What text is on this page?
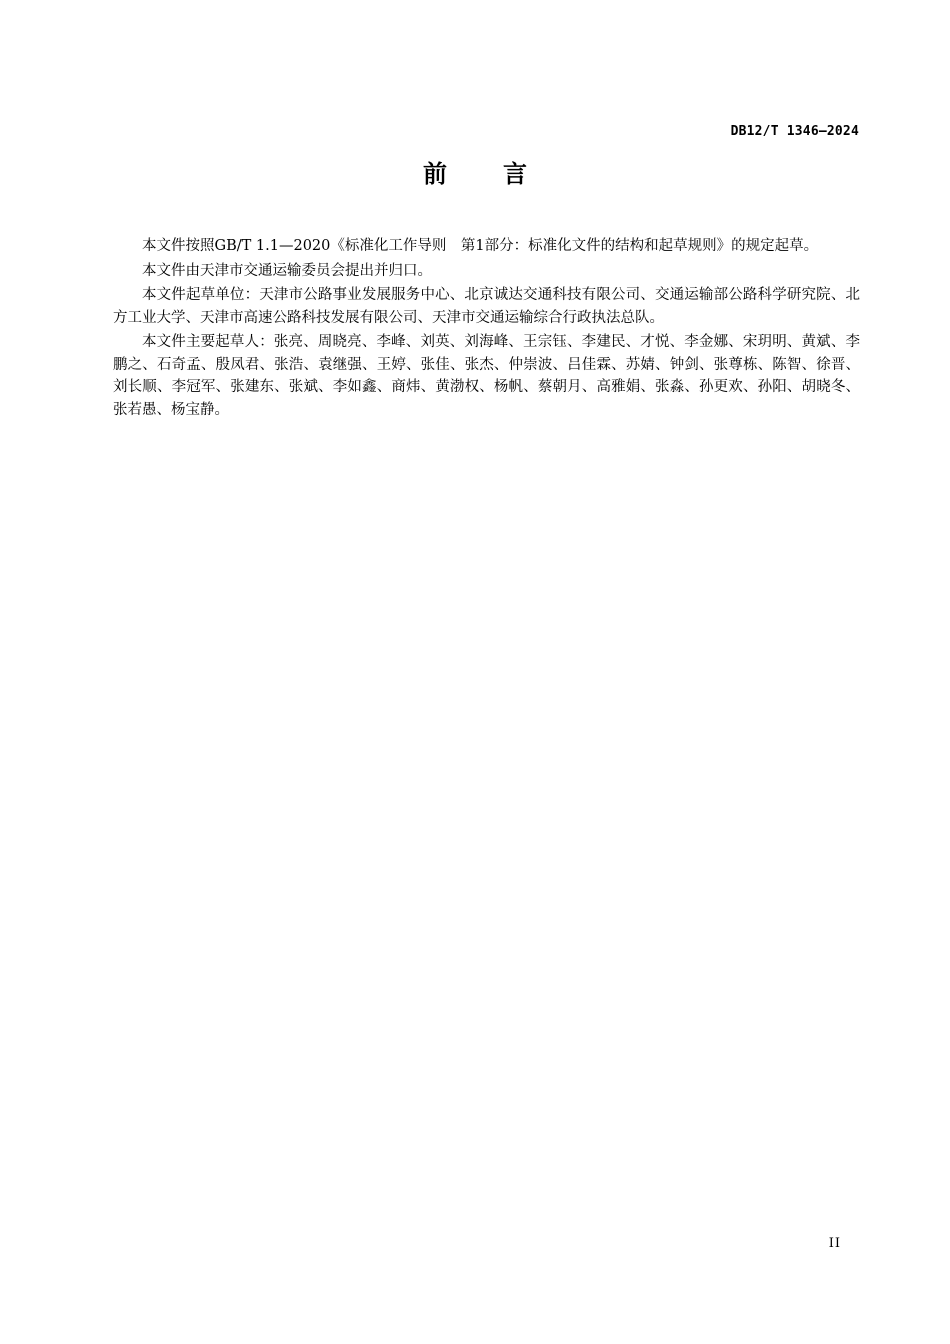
DB12/T 1346—2024
前言

本文件按照GB/T 1.1—2020《标准化工作导则　第1部分：标准化文件的结构和起草规则》的规定起草。

本文件由天津市交通运输委员会提出并归口。

本文件起草单位：天津市公路事业发展服务中心、北京诚达交通科技有限公司、交通运输部公路科学研究院、北方工业大学、天津市高速公路科技发展有限公司、天津市交通运输综合行政执法总队。

本文件主要起草人：张亮、周晓亮、李峰、刘英、刘海峰、王宗钰、李建民、才悦、李金娜、宋玥明、黄斌、李鹏之、石奇孟、殷凤君、张浩、袁继强、王婷、张佳、张杰、仲崇波、吕佳霖、苏婧、钟剑、张尊栋、陈智、徐晋、刘长顺、李冠军、张建东、张斌、李如鑫、商炜、黄渤权、杨帆、蔡朝月、高雅娟、张淼、孙更欢、孙阳、胡晓冬、张若愚、杨宝静。

II
